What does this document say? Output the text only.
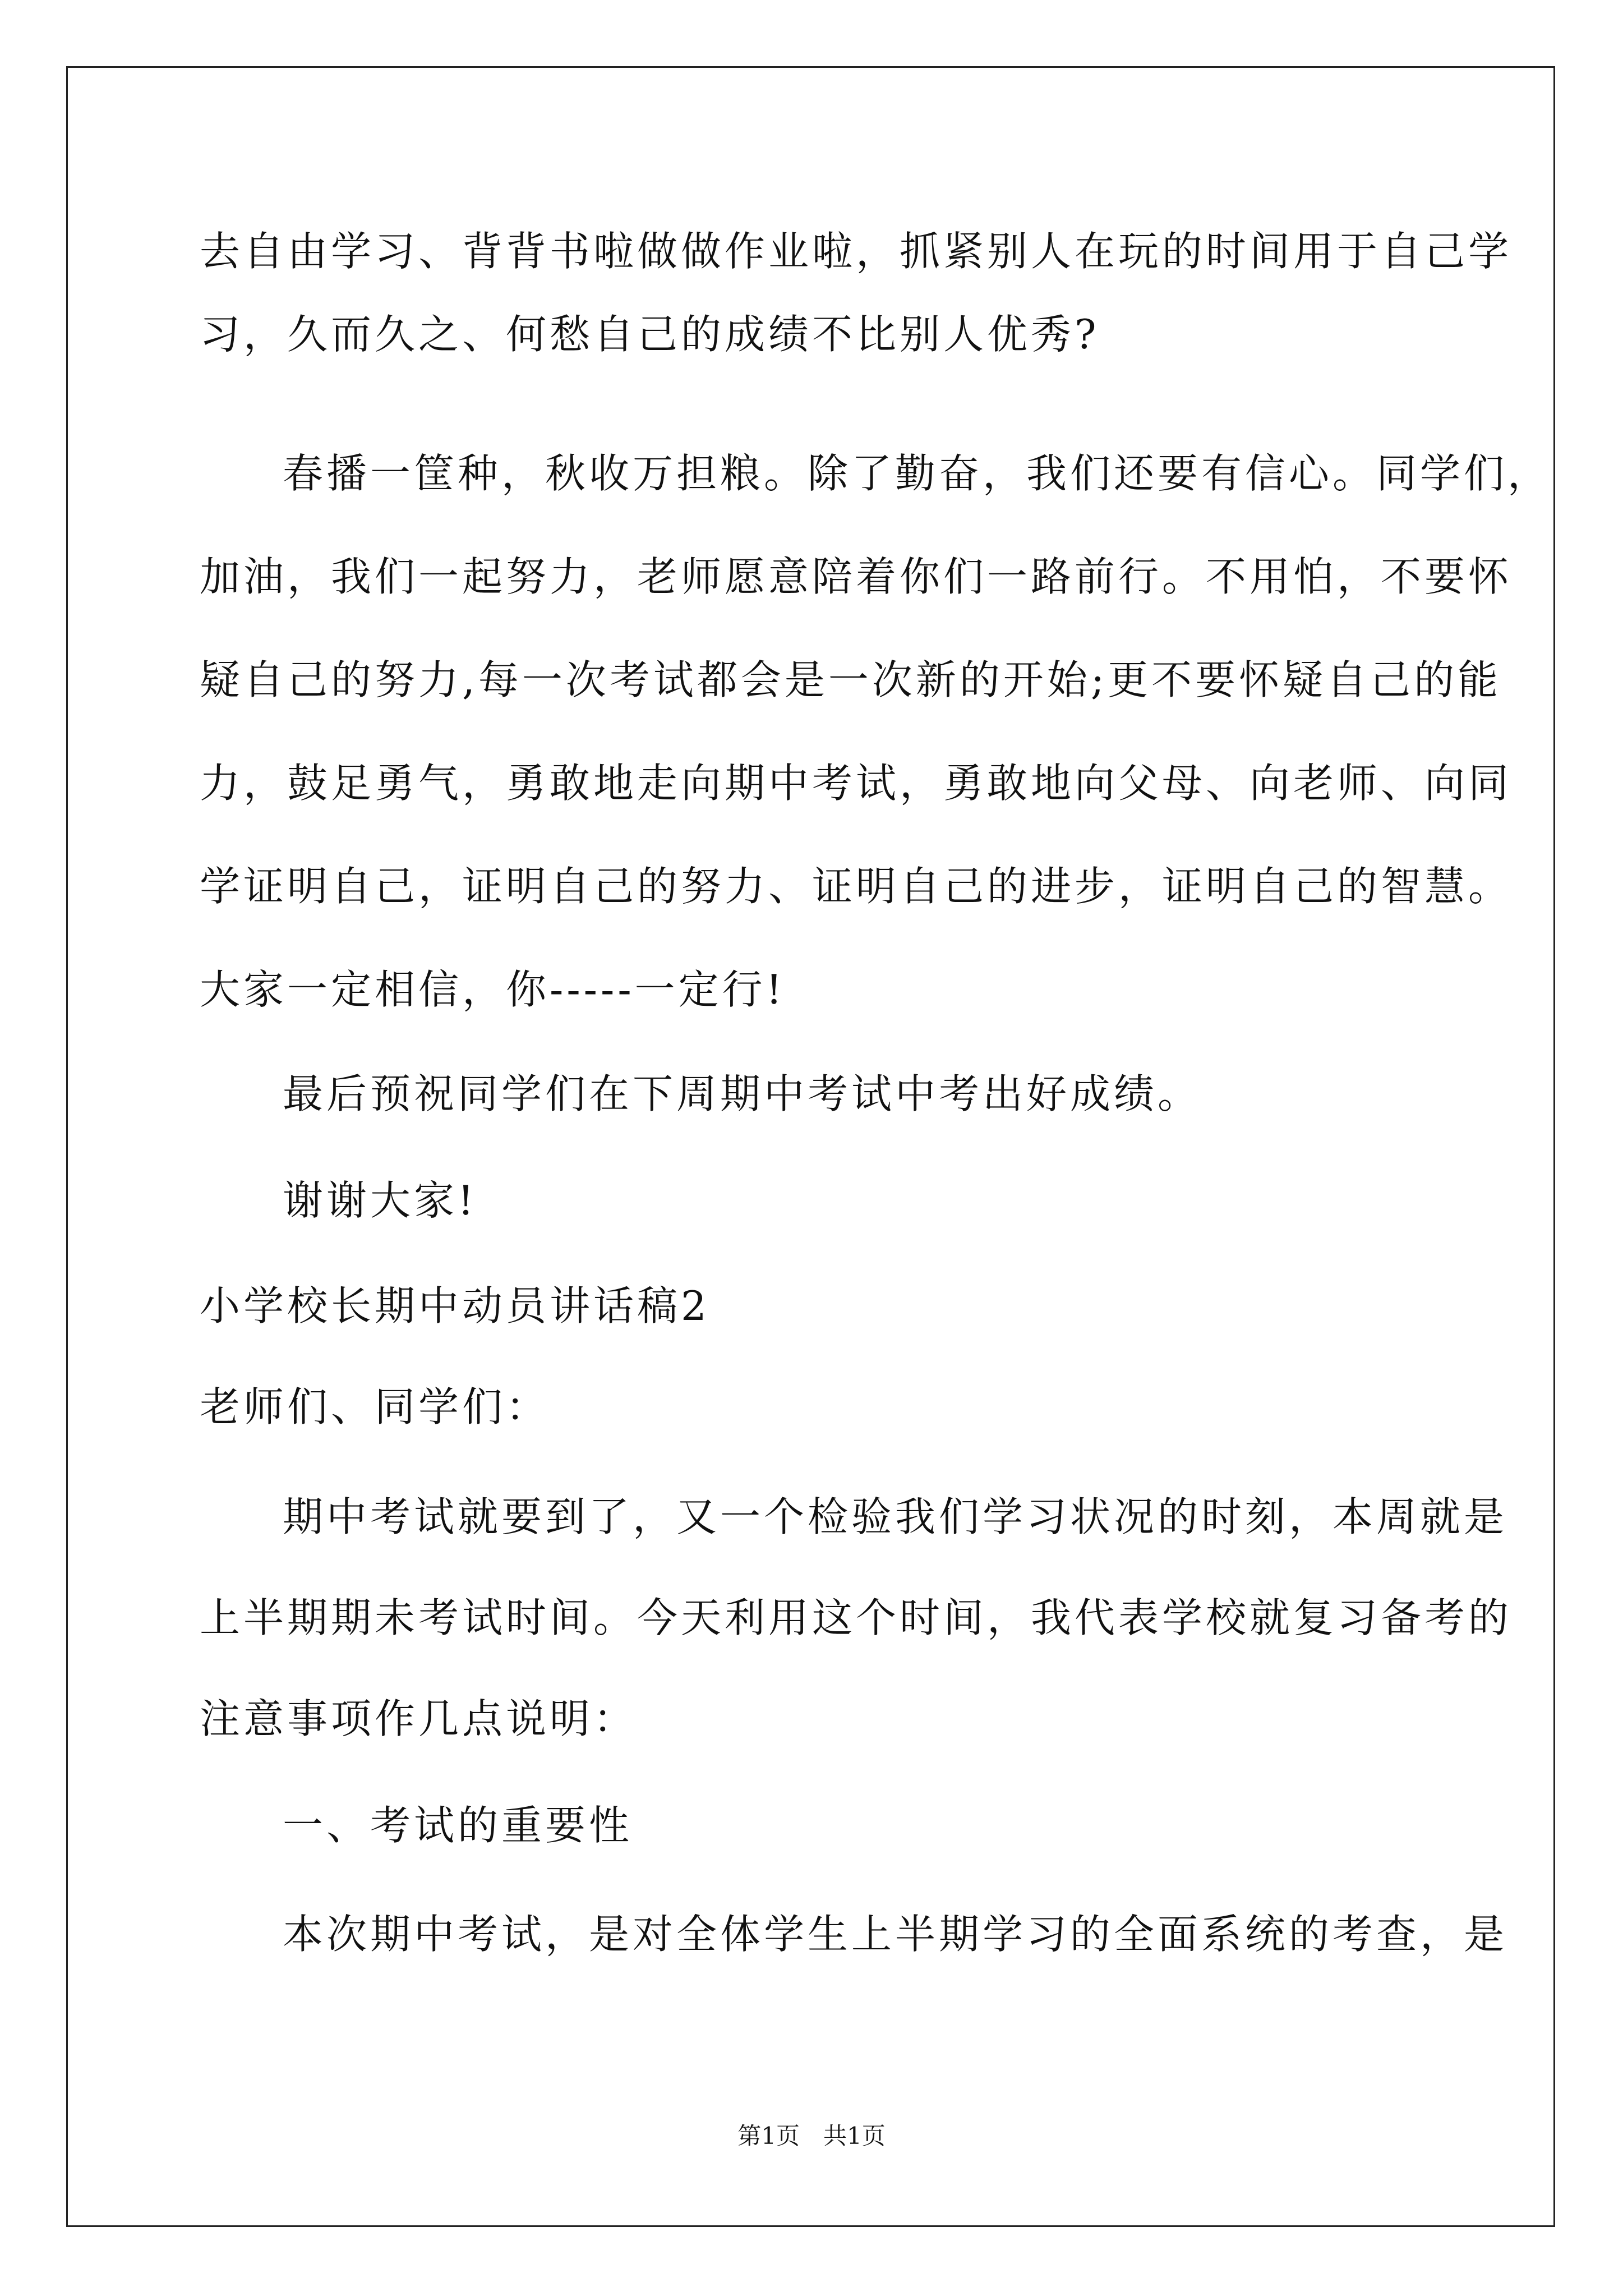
去自由学习、背背书啦做做作业啦，抓紧别人在玩的时间用于自己学
习，久而久之、何愁自己的成绩不比别人优秀?
春播一筐种，秋收万担粮。除了勤奋，我们还要有信心。同学们，
加油，我们一起努力，老师愿意陪着你们一路前行。不用怕，不要怀
疑自己的努力,每一次考试都会是一次新的开始;更不要怀疑自己的能
力，鼓足勇气，勇敢地走向期中考试，勇敢地向父母、向老师、向同
学证明自己，证明自己的努力、证明自己的进步，证明自己的智慧。
大家一定相信，你-----一定行!
最后预祝同学们在下周期中考试中考出好成绩。
谢谢大家!
小学校长期中动员讲话稿2
老师们、同学们：
期中考试就要到了，又一个检验我们学习状况的时刻，本周就是
上半期期未考试时间。今天利用这个时间，我代表学校就复习备考的
注意事项作几点说明：
一、考试的重要性
本次期中考试，是对全体学生上半期学习的全面系统的考查，是
第1页　共1页
